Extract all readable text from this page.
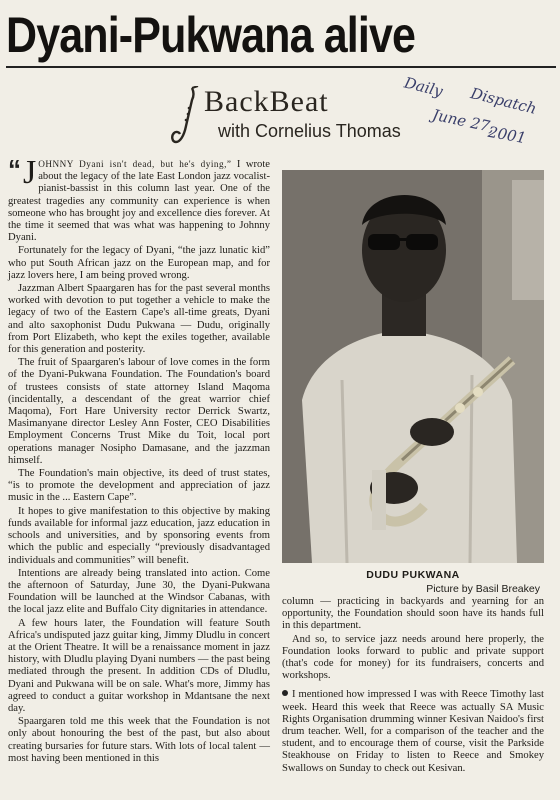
Dyani-Pukwana alive
BackBeat
with Cornelius Thomas
Daily Dispatch
June 27,
2001

“ J OHNNY Dyani isn't dead, but he's dying,” I wrote about the legacy of the late East London jazz vocalist-pianist-bassist in this column last year. One of the greatest tragedies any community can experience is when someone who has brought joy and excellence dies forever. At the time it seemed that was what was happening to Johnny Dyani.

Fortunately for the legacy of Dyani, “the jazz lunatic kid” who put South African jazz on the European map, and for jazz lovers here, I am being proved wrong.

Jazzman Albert Spaargaren has for the past several months worked with devotion to put together a vehicle to make the legacy of two of the Eastern Cape's all-time greats, Dyani and alto saxophonist Dudu Pukwana — Dudu, originally from Port Elizabeth, who kept the exiles together, available for this generation and posterity.

The fruit of Spaargaren's labour of love comes in the form of the Dyani-Pukwana Foundation. The Foundation's board of trustees consists of state attorney Island Maqoma (incidentally, a descendant of the great warrior chief Maqoma), Fort Hare University rector Derrick Swartz, Masimanyane director Lesley Ann Foster, CEO Disabilities Employment Concerns Trust Mike du Toit, local port operations manager Nosipho Damasane, and the jazzman himself.

The Foundation's main objective, its deed of trust states, “is to promote the development and appreciation of jazz music in the ... Eastern Cape”.

It hopes to give manifestation to this objective by making funds available for informal jazz education, jazz education in schools and universities, and by sponsoring events from which the public and especially “previously disadvantaged individuals and communities” will benefit.

Intentions are already being translated into action. Come the afternoon of Saturday, June 30, the Dyani-Pukwana Foundation will be launched at the Windsor Cabanas, with the local jazz elite and Buffalo City dignitaries in attendance.

A few hours later, the Foundation will feature South Africa's undisputed jazz guitar king, Jimmy Dludlu in concert at the Orient Theatre. It will be a renaissance moment in jazz history, with Dludlu playing Dyani numbers — the past being mediated through the present. In addition CDs of Dludlu, Dyani and Pukwana will be on sale. What's more, Jimmy has agreed to conduct a guitar workshop in Mdantsane the next day.

Spaargaren told me this week that the Foundation is not only about honouring the best of the past, but also about creating bursaries for future stars. With lots of local talent — most having been mentioned in this

DUDU PUKWANA
Picture by Basil Breakey

column — practicing in backyards and yearning for an opportunity, the Foundation should soon have its hands full in this department.

And so, to service jazz needs around here properly, the Foundation looks forward to public and private support (that's code for money) for its fundraisers, concerts and workshops.

I mentioned how impressed I was with Reece Timothy last week. Heard this week that Reece was actually SA Music Rights Organisation drumming winner Kesivan Naidoo's first drum teacher. Well, for a comparison of the teacher and the student, and to encourage them of course, visit the Parkside Steakhouse on Friday to listen to Reece and Smokey Swallows on Sunday to check out Kesivan.
